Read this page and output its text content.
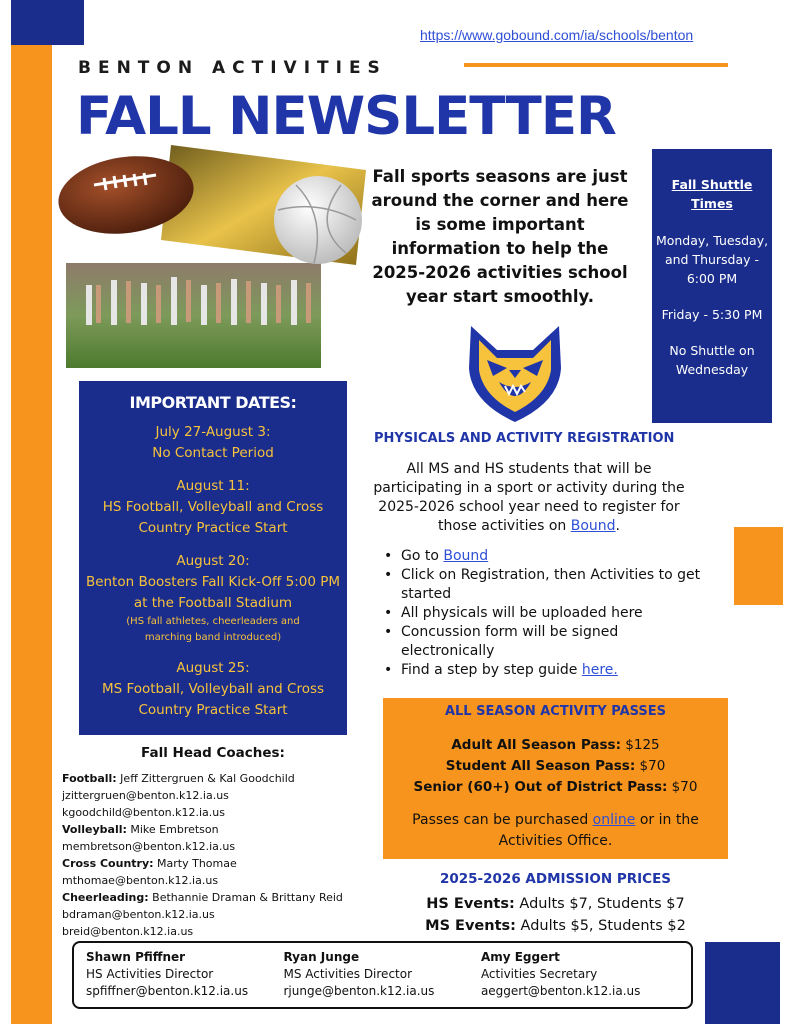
https://www.gobound.com/ia/schools/benton
BENTON ACTIVITIES
FALL NEWSLETTER
Fall sports seasons are just around the corner and here is some important information to help the 2025-2026 activities school year start smoothly.
Fall Shuttle Times

Monday, Tuesday, and Thursday - 6:00 PM

Friday - 5:30 PM

No Shuttle on Wednesday

IMPORTANT DATES:
July 27-August 3:
No Contact Period
August 11:
HS Football, Volleyball and Cross Country Practice Start
August 20:
Benton Boosters Fall Kick-Off 5:00 PM at the Football Stadium
(HS fall athletes, cheerleaders and marching band introduced)
August 25:
MS Football, Volleyball and Cross Country Practice Start
PHYSICALS AND ACTIVITY REGISTRATION
All MS and HS students that will be participating in a sport or activity during the 2025-2026 school year need to register for those activities on Bound.
• Go to Bound
• Click on Registration, then Activities to get started
• All physicals will be uploaded here
• Concussion form will be signed electronically
• Find a step by step guide here.
ALL SEASON ACTIVITY PASSES
Adult All Season Pass: $125
Student All Season Pass: $70
Senior (60+) Out of District Pass: $70
Passes can be purchased online or in the Activities Office.
2025-2026 ADMISSION PRICES
HS Events: Adults $7, Students $7
MS Events: Adults $5, Students $2
Fall Head Coaches:
Football: Jeff Zittergruen & Kal Goodchild
jzittergruen@benton.k12.ia.us
kgoodchild@benton.k12.ia.us
Volleyball: Mike Embretson
membretson@benton.k12.ia.us
Cross Country: Marty Thomae
mthomae@benton.k12.ia.us
Cheerleading: Bethannie Draman & Brittany Reid
bdraman@benton.k12.ia.us
breid@benton.k12.ia.us
Shawn Pfiffner
HS Activities Director
spfiffner@benton.k12.ia.us
Ryan Junge
MS Activities Director
rjunge@benton.k12.ia.us
Amy Eggert
Activities Secretary
aeggert@benton.k12.ia.us
